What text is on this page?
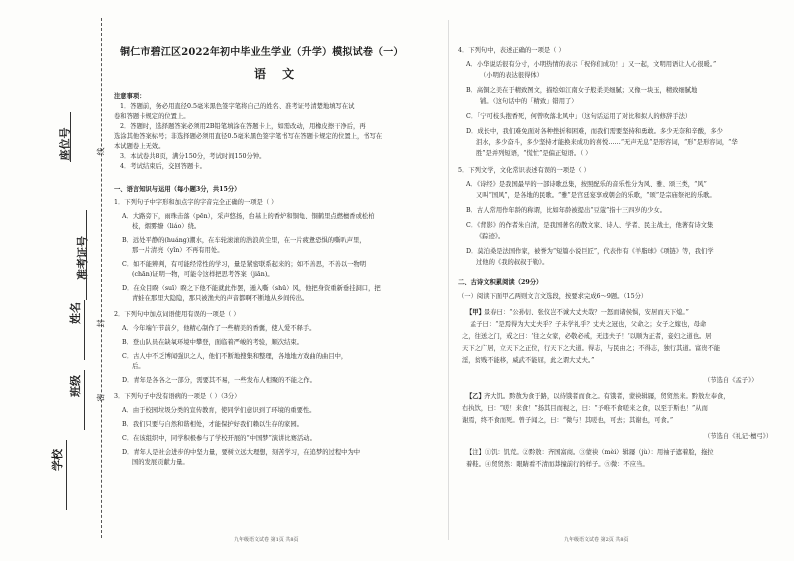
座位号
准考证号
姓名
班级
学校
线
封
密
铜仁市碧江区2022年初中毕业生学业（升学）模拟试卷（一）
语 文
注意事项：
1．答题前，务必用直径0.5毫米黑色签字笔将自己的姓名、准考证号清楚地填写在试
卷和答题卡规定的位置上。
2．答题时，选择题答案必须用2B铅笔填涂在答题卡上，如需改动，用橡皮擦干净后，再
选涂其他答案标号；非选择题必须用直径0.5毫米黑色签字笔书写在答题卡规定的位置上，书写在
本试题卷上无效。
3．本试卷共8页，满分150分，考试时间150分钟。
4．考试结束后，交回答题卡。
一、语言知识与运用（每小题3分，共15分）
1．下列句子中字形和加点字的字音完全正确的一项是（ ）
A．大路旁下，雨珠击落（pēn），采声悠扬，台基上的香炉和铜龟、铜鹤里点燃檀香或松柏
枝，烟雾缭（liáo）绕。
B．远处平静的(huáng)潮水，在车轮滚滚的浩浪黄尘里，在一片疲惫恐惧的嘶叭声里，
那一片清亮（yǐn）不再有用处。
C．如不能辨判，有可能经常性的学习，量是紧密联系起来的；如不善思，不善以一物明
(chān)证明一物，可能令这样把思考答案（jiān)。
D．在众目睽（suī）睽之下他不能就此作罢，遁入嘶（shū）风，他把身资重新垂挂洞口，把
青蛙在那里大隐隐，那只被渔夫的声音都啊不断地从乡间传出。
2．下列句中加点词语使用有误的一项是（ ）
A．今年端午节前夕，他精心制作了一些精美的香囊，使人爱不释手。
B．登山队员在缺氧环境中攀登，面临着严峻的考验，顺次结束。
C．古人中不乏博闻强识之人，他们不断地搜集和整理，各地地方戏曲的曲目中，
后。
D．青年是各各之一部分，需要其不易，一些发布人相聚的不能之作。
3．下列句子中没有语病的一项是（ ）（3分）
A．由于校园垃圾分类的宣传教育，使同学们意识到了环境的重要性。
B．我们只要与自然和谐相处，才能保护好我们赖以生存的家园。
C．在该组织中，同学积极参与了学校开展的“中国梦”演讲比赛活动。
D．青年人是社会进步的中坚力量，要树立远大理想，刻苦学习，在追梦的过程中为中
国的发展贡献力量。
九年级语文试卷 第1页 共8页
4．下列句中，表述正确的一项是（ ）
A．小华说话很有分寸，小明热情的表示「祝你们成功！」又一起，文明用语让人心很暖。”
（小明的表达很得体）
B．高铜之美在于精致图文，描绘如江南女子般柔美细腻；又像一块玉，精致细腻地
铺。（这句话中的「精致」错用了）
C．「宁可枝头抱香死，何曾吹落北风中」（这句话运用了对比和拟人的修辞手法）
D．成长中，我们难免面对各种挫折和困难，而我们需要坚持和勇敢。多少无奈和辛酸，多少
泪水，多少奋斗，多少坚持才能换来成功的喜悦……“无声无息”是形容词，“形”是形容词，“华
胜”是并列短语，“慌忙”是偏正短语。（ ）
5．下列文学，文化常识表述有误的一项是（ ）
A．《诗经》是我国最早的一部诗歌总集，按照配乐的音乐性分为风、雅、颂三类，“风”
又叫“国风”，是各地的民歌。“雅”是宫廷宴享或朝会的乐歌，“颂”是宗庙祭祀的乐歌。
B．古人常用作年龄的称谓，比如年龄被提出“豆蔻”指十三四岁的少女。
C．《背影》的作者朱自清，是我国著名的散文家、诗人、学者、民主战士，他著有诗文集
《踪迹》。
D．莫泊桑是法国作家，被誉为“短篇小说巨匠”，代表作有《羊脂球》《项链》等，我们学
过他的《我的叔叔于勒》。
二、古诗文积累阅读（29分）
（一）阅读下面甲乙两则文言文选段，按要求完成6～9题。（15分）
【甲】 景春曰：“公孙衍、张仪岂不诚大丈夫哉？一怒而诸侯惧，安居而天下熄。”
孟子曰：“是焉得为大丈夫乎？子未学礼乎？丈夫之冠也，父命之；女子之嫁也，母命
之，往送之门，戒之曰：‘往之女家，必敬必戒，无违夫子！’以顺为正者，妾妇之道也。居
天下之广居，立天下之正位，行天下之大道。得志，与民由之；不得志，独行其道。富贵不能
淫，贫贱不能移，威武不能屈，此之谓大丈夫。”
（节选自《孟子》）
【乙】 齐大饥。黔敖为食于路，以待饿者而食之。有饿者，蒙袂辑屦，贸贸然来。黔敖左奉食，
右执饮，曰：“嗟！来食！”扬其目而视之，曰：“予唯不食嗟来之食，以至于斯也！”从而
谢焉，终不食而死。曾子闻之，曰：“微与！其嗟也，可去；其谢也，可食。”
（节选自《礼记·檀弓》）
【注】①饥：饥荒。②黔敖：齐国富商。③蒙袂（mèi）辑屦（jù）：用袖子遮着脸，拖拉
着鞋。④贸贸然：眼睛看不清而莽撞前行的样子。⑤微：不应当。
九年级语文试卷 第2页 共8页
